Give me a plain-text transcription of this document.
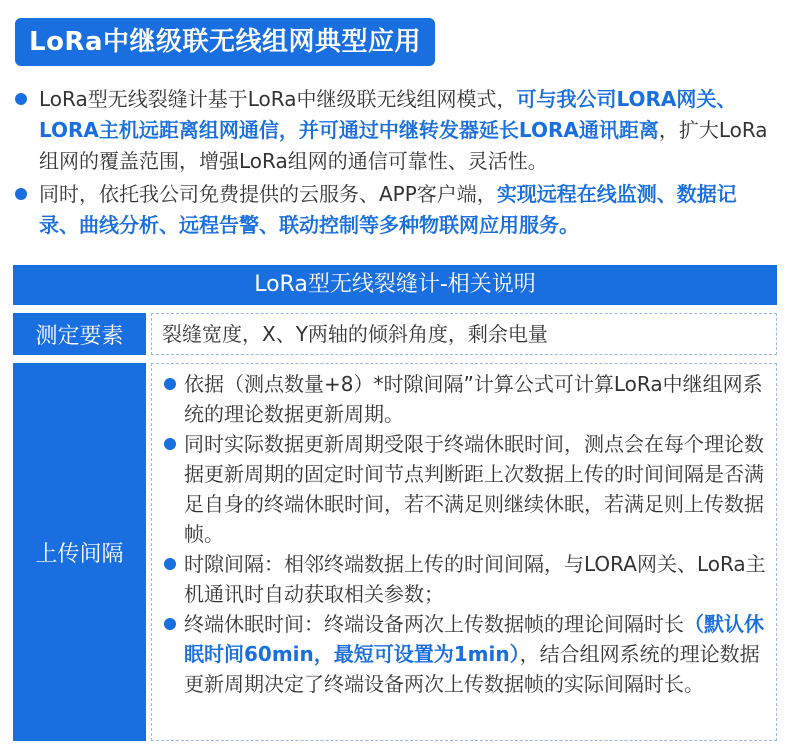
LoRa中继级联无线组网典型应用
LoRa型无线裂缝计基于LoRa中继级联无线组网模式，可与我公司LORA网关、LORA主机远距离组网通信，并可通过中继转发器延长LORA通讯距离，扩大LoRa组网的覆盖范围，增强LoRa组网的通信可靠性、灵活性。
同时，依托我公司免费提供的云服务、APP客户端，实现远程在线监测、数据记录、曲线分析、远程告警、联动控制等多种物联网应用服务。
LoRa型无线裂缝计-相关说明
测定要素	裂缝宽度，X、Y两轴的倾斜角度，剩余电量
上传间隔
依据（测点数量+8）*时隙间隔”计算公式可计算LoRa中继组网系统的理论数据更新周期。
同时实际数据更新周期受限于终端休眠时间，测点会在每个理论数据更新周期的固定时间节点判断距上次数据上传的时间间隔是否满足自身的终端休眠时间，若不满足则继续休眠，若满足则上传数据帧。
时隙间隔：相邻终端数据上传的时间间隔，与LORA网关、LoRa主机通讯时自动获取相关参数；
终端休眠时间：终端设备两次上传数据帧的理论间隔时长（默认休眠时间60min，最短可设置为1min），结合组网系统的理论数据更新周期决定了终端设备两次上传数据帧的实际间隔时长。
